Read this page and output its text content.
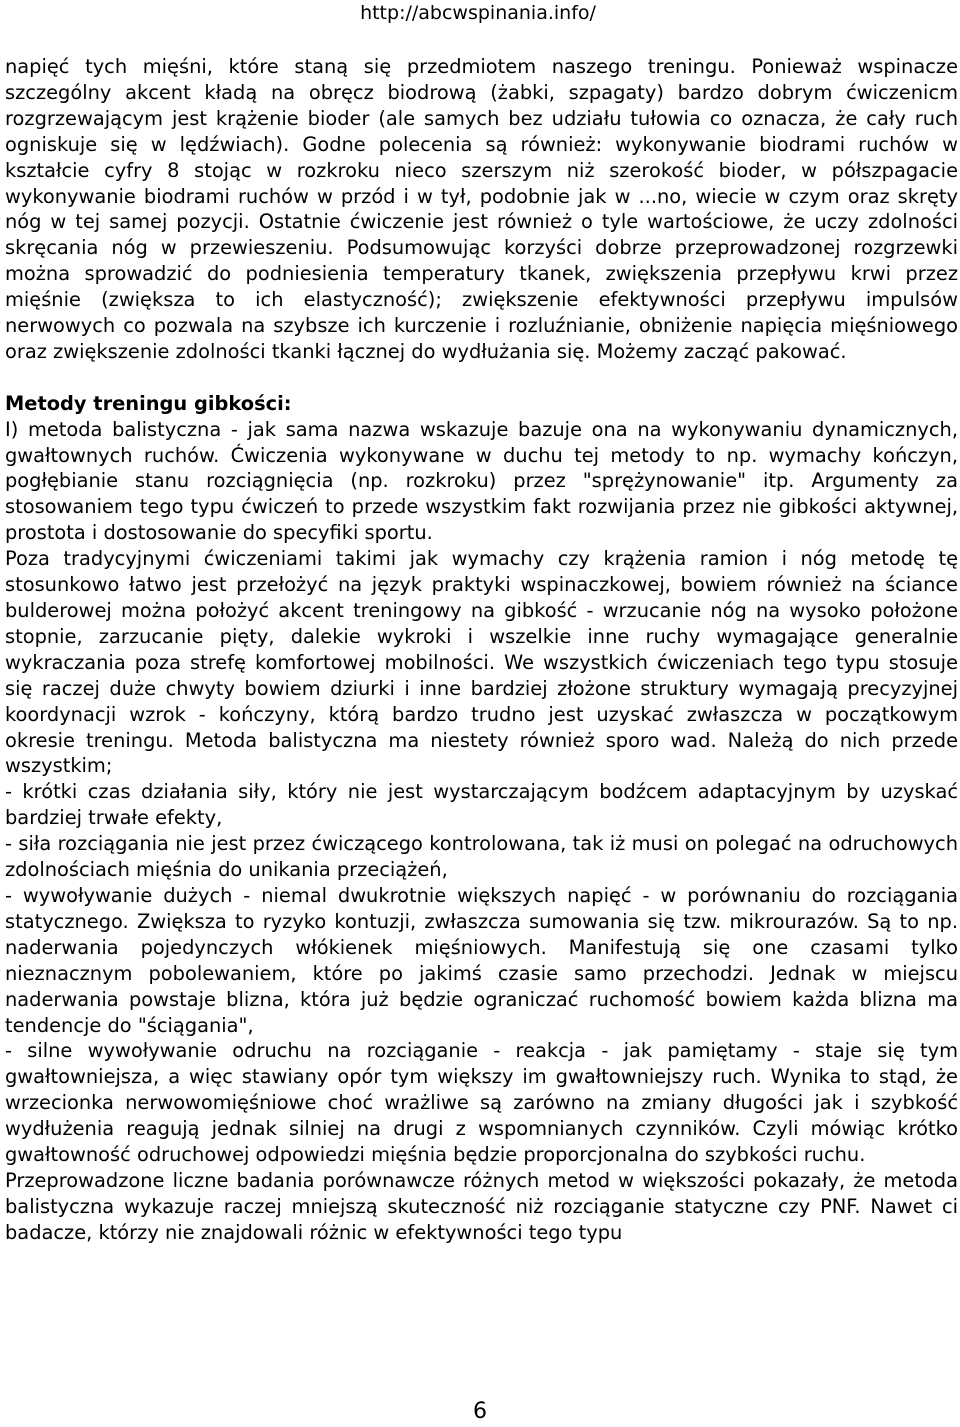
http://abcwspinania.info/

napięć tych mięśni, które staną się przedmiotem naszego treningu. Ponieważ wspinacze szczególny akcent kładą na obręcz biodrową (żabki, szpagaty) bardzo dobrym ćwiczenicm rozgrzewającym jest krążenie bioder (ale samych bez udziału tułowia co oznacza, że cały ruch ogniskuje się w lędźwiach). Godne polecenia są również: wykonywanie biodrami ruchów w kształcie cyfry 8 stojąc w rozkroku nieco szerszym niż szerokość bioder, w półszpagacie wykonywanie biodrami ruchów w przód i w tył, podobnie jak w ...no, wiecie w czym oraz skręty nóg w tej samej pozycji. Ostatnie ćwiczenie jest również o tyle wartościowe, że uczy zdolności skręcania nóg w przewieszeniu. Podsumowując korzyści dobrze przeprowadzonej rozgrzewki można sprowadzić do podniesienia temperatury tkanek, zwiększenia przepływu krwi przez mięśnie (zwiększa to ich elastyczność); zwiększenie efektywności przepływu impulsów nerwowych co pozwala na szybsze ich kurczenie i rozluźnianie, obniżenie napięcia mięśniowego oraz zwiększenie zdolności tkanki łącznej do wydłużania się. Możemy zacząć pakować.

Metody treningu gibkości:

I) metoda balistyczna - jak sama nazwa wskazuje bazuje ona na wykonywaniu dynamicznych, gwałtownych ruchów. Ćwiczenia wykonywane w duchu tej metody to np. wymachy kończyn, pogłębianie stanu rozciągnięcia (np. rozkroku) przez "sprężynowanie" itp. Argumenty za stosowaniem tego typu ćwiczeń to przede wszystkim fakt rozwijania przez nie gibkości aktywnej, prostota i dostosowanie do specyfiki sportu.

Poza tradycyjnymi ćwiczeniami takimi jak wymachy czy krążenia ramion i nóg metodę tę stosunkowo łatwo jest przełożyć na język praktyki wspinaczkowej, bowiem również na ściance bulderowej można położyć akcent treningowy na gibkość - wrzucanie nóg na wysoko położone stopnie, zarzucanie pięty, dalekie wykroki i wszelkie inne ruchy wymagające generalnie wykraczania poza strefę komfortowej mobilności. We wszystkich ćwiczeniach tego typu stosuje się raczej duże chwyty bowiem dziurki i inne bardziej złożone struktury wymagają precyzyjnej koordynacji wzrok - kończyny, którą bardzo trudno jest uzyskać zwłaszcza w początkowym okresie treningu. Metoda balistyczna ma niestety również sporo wad. Należą do nich przede wszystkim;

- krótki czas działania siły, który nie jest wystarczającym bodźcem adaptacyjnym by uzyskać bardziej trwałe efekty,

- siła rozciągania nie jest przez ćwiczącego kontrolowana, tak iż musi on polegać na odruchowych zdolnościach mięśnia do unikania przeciążeń,

- wywoływanie dużych - niemal dwukrotnie większych napięć - w porównaniu do rozciągania statycznego. Zwiększa to ryzyko kontuzji, zwłaszcza sumowania się tzw. mikrourazów. Są to np. naderwania pojedynczych włókienek mięśniowych. Manifestują się one czasami tylko nieznacznym pobolewaniem, które po jakimś czasie samo przechodzi. Jednak w miejscu naderwania powstaje blizna, która już będzie ograniczać ruchomość bowiem każda blizna ma tendencje do "ściągania",

- silne wywoływanie odruchu na rozciąganie - reakcja - jak pamiętamy - staje się tym gwałtowniejsza, a więc stawiany opór tym większy im gwałtowniejszy ruch. Wynika to stąd, że wrzecionka nerwowomięśniowe choć wrażliwe są zarówno na zmiany długości jak i szybkość wydłużenia reagują jednak silniej na drugi z wspomnianych czynników. Czyli mówiąc krótko gwałtowność odruchowej odpowiedzi mięśnia będzie proporcjonalna do szybkości ruchu.

Przeprowadzone liczne badania porównawcze różnych metod w większości pokazały, że metoda balistyczna wykazuje raczej mniejszą skuteczność niż rozciąganie statyczne czy PNF. Nawet ci badacze, którzy nie znajdowali różnic w efektywności tego typu

6
